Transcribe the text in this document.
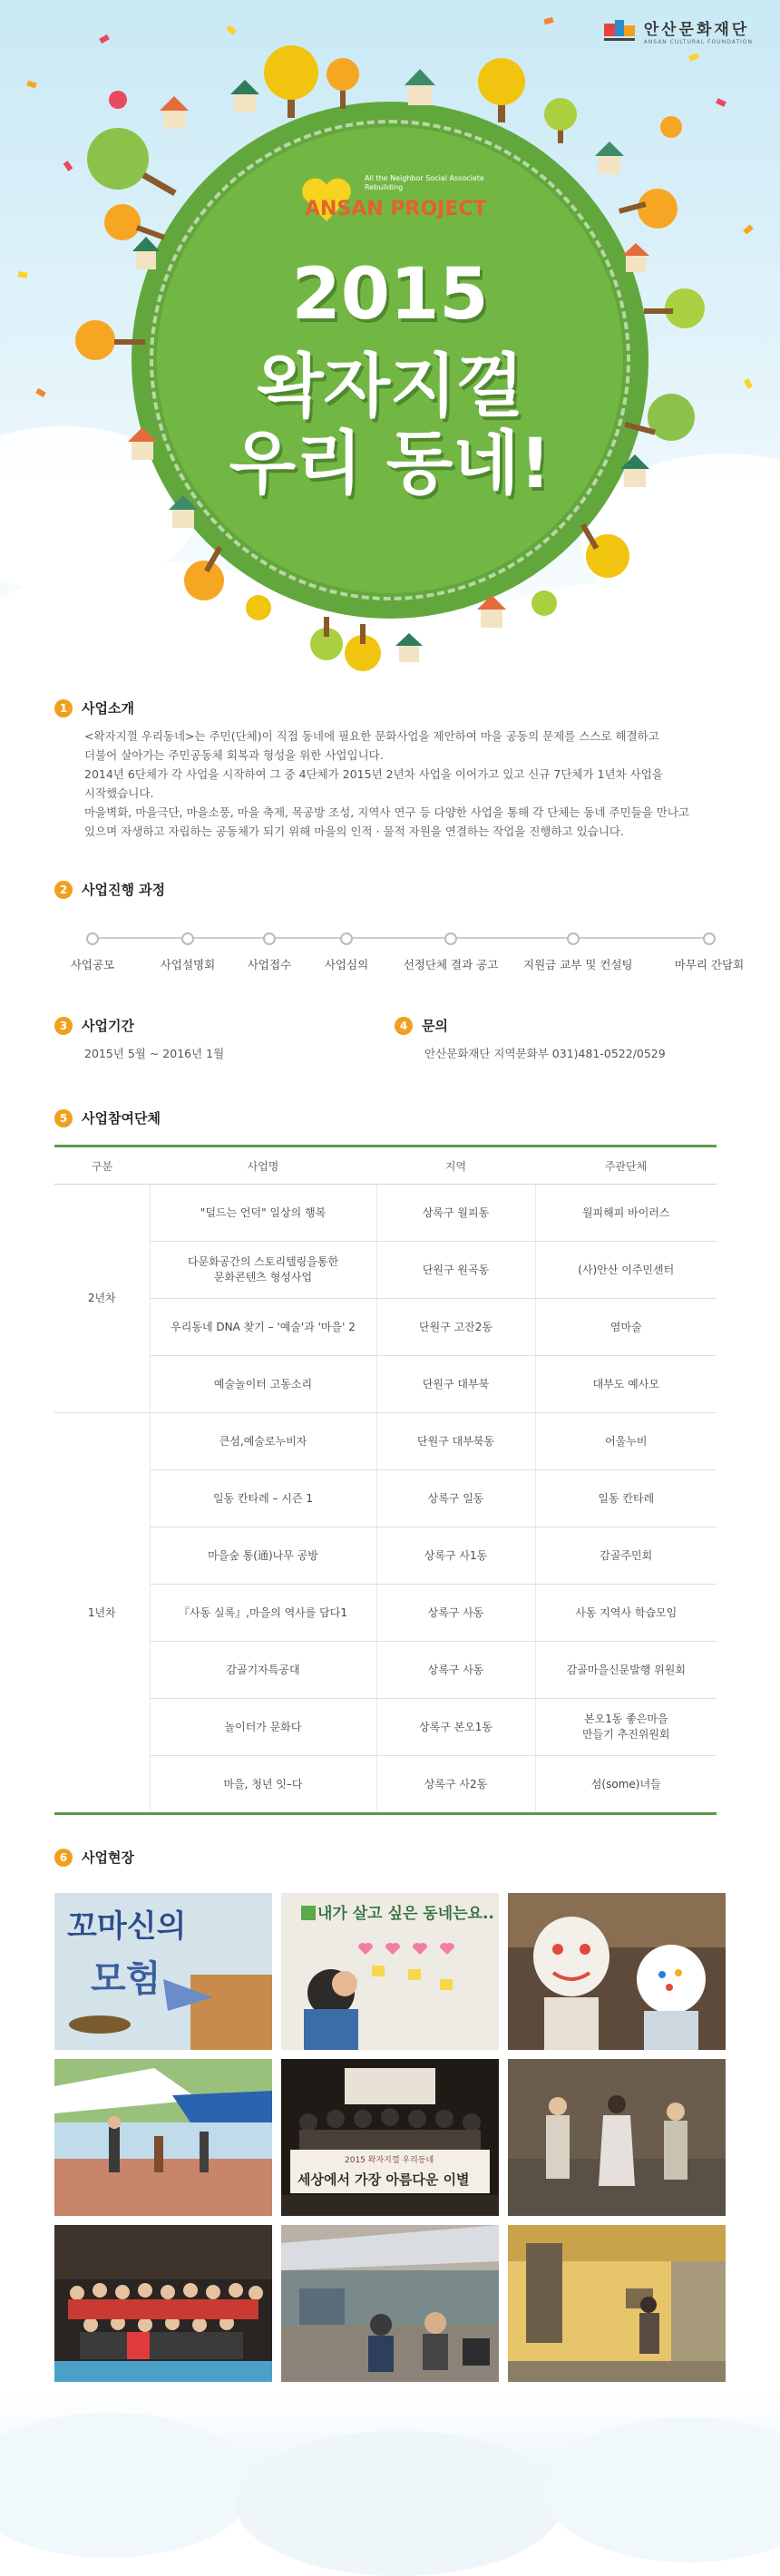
안산문화재단
ANSAN CULTURAL FOUNDATION
ANSAN PROJECT
All the Neighbor Social Associate Rebuilding
2015
왁자지껄
우리 동네!
1	사업소개
<왁자지껄 우리동네>는 주민(단체)이 직접 동네에 필요한 문화사업을 제안하여 마을 공동의 문제를 스스로 해결하고
더불어 살아가는 주민공동체 회복과 형성을 위한 사업입니다.
2014년 6단체가 각 사업을 시작하여 그 중 4단체가 2015년 2년차 사업을 이어가고 있고 신규 7단체가 1년차 사업을
시작했습니다.
마을벽화, 마을극단, 마을소풍, 마을 축제, 목공방 조성, 지역사 연구 등 다양한 사업을 통해 각 단체는 동네 주민들을 만나고
있으며 자생하고 자립하는 공동체가 되기 위해 마을의 인적 · 물적 자원을 연결하는 작업을 진행하고 있습니다.
2	사업진행 과정
사업공모	사업설명회	사업접수	사업심의	선정단체 결과 공고 지원금 교부 및 컨설팅	마무리 간담회
3	사업기간
2015년 5월 ~ 2016년 1월
4	문의
안산문화재단 지역문화부 031)481-0522/0529
5	사업참여단체
구분	사업명	지역	주관단체
2년차	"덜드는 언덕" 일상의 행복	상록구 월피동	월피해피 바이러스
	다문화공간의 스토리텔링을통한
문화콘텐츠 형성사업	단원구 원곡동	(사)안산 이주민센터
	우리동네 DNA 찾기 – '예술'과 '마을' 2	단원구 고잔2동	염마술
	예술놀이터 고동소리	단원구 대부북	대부도 예사모
1년차	큰섬,예술로누비자	단원구 대부북동	어울누비
	일동 칸타레 – 시즌 1	상록구 일동	일동 칸타레
	마을숲 통(通)나무 공방	상록구 사1동	감골주민회
	『사동 실록』,마을의 역사를 담다1	상록구 사동	사동 지역사 학습모임
	감골기자특공대	상록구 사동	감골마을신문발행 위원회
	놀이터가 문화다	상록구 본오1동	본오1동 좋은마을
만들기 추진위원회
	마을, 청년 잇–다	상록구 사2동	섬(some)녀들
6	사업현장
꼬마신의
모험
내가 살고 싶은 동네는요..
2015 왁자지껄 우리동네
세상에서 가장 아름다운 이별
